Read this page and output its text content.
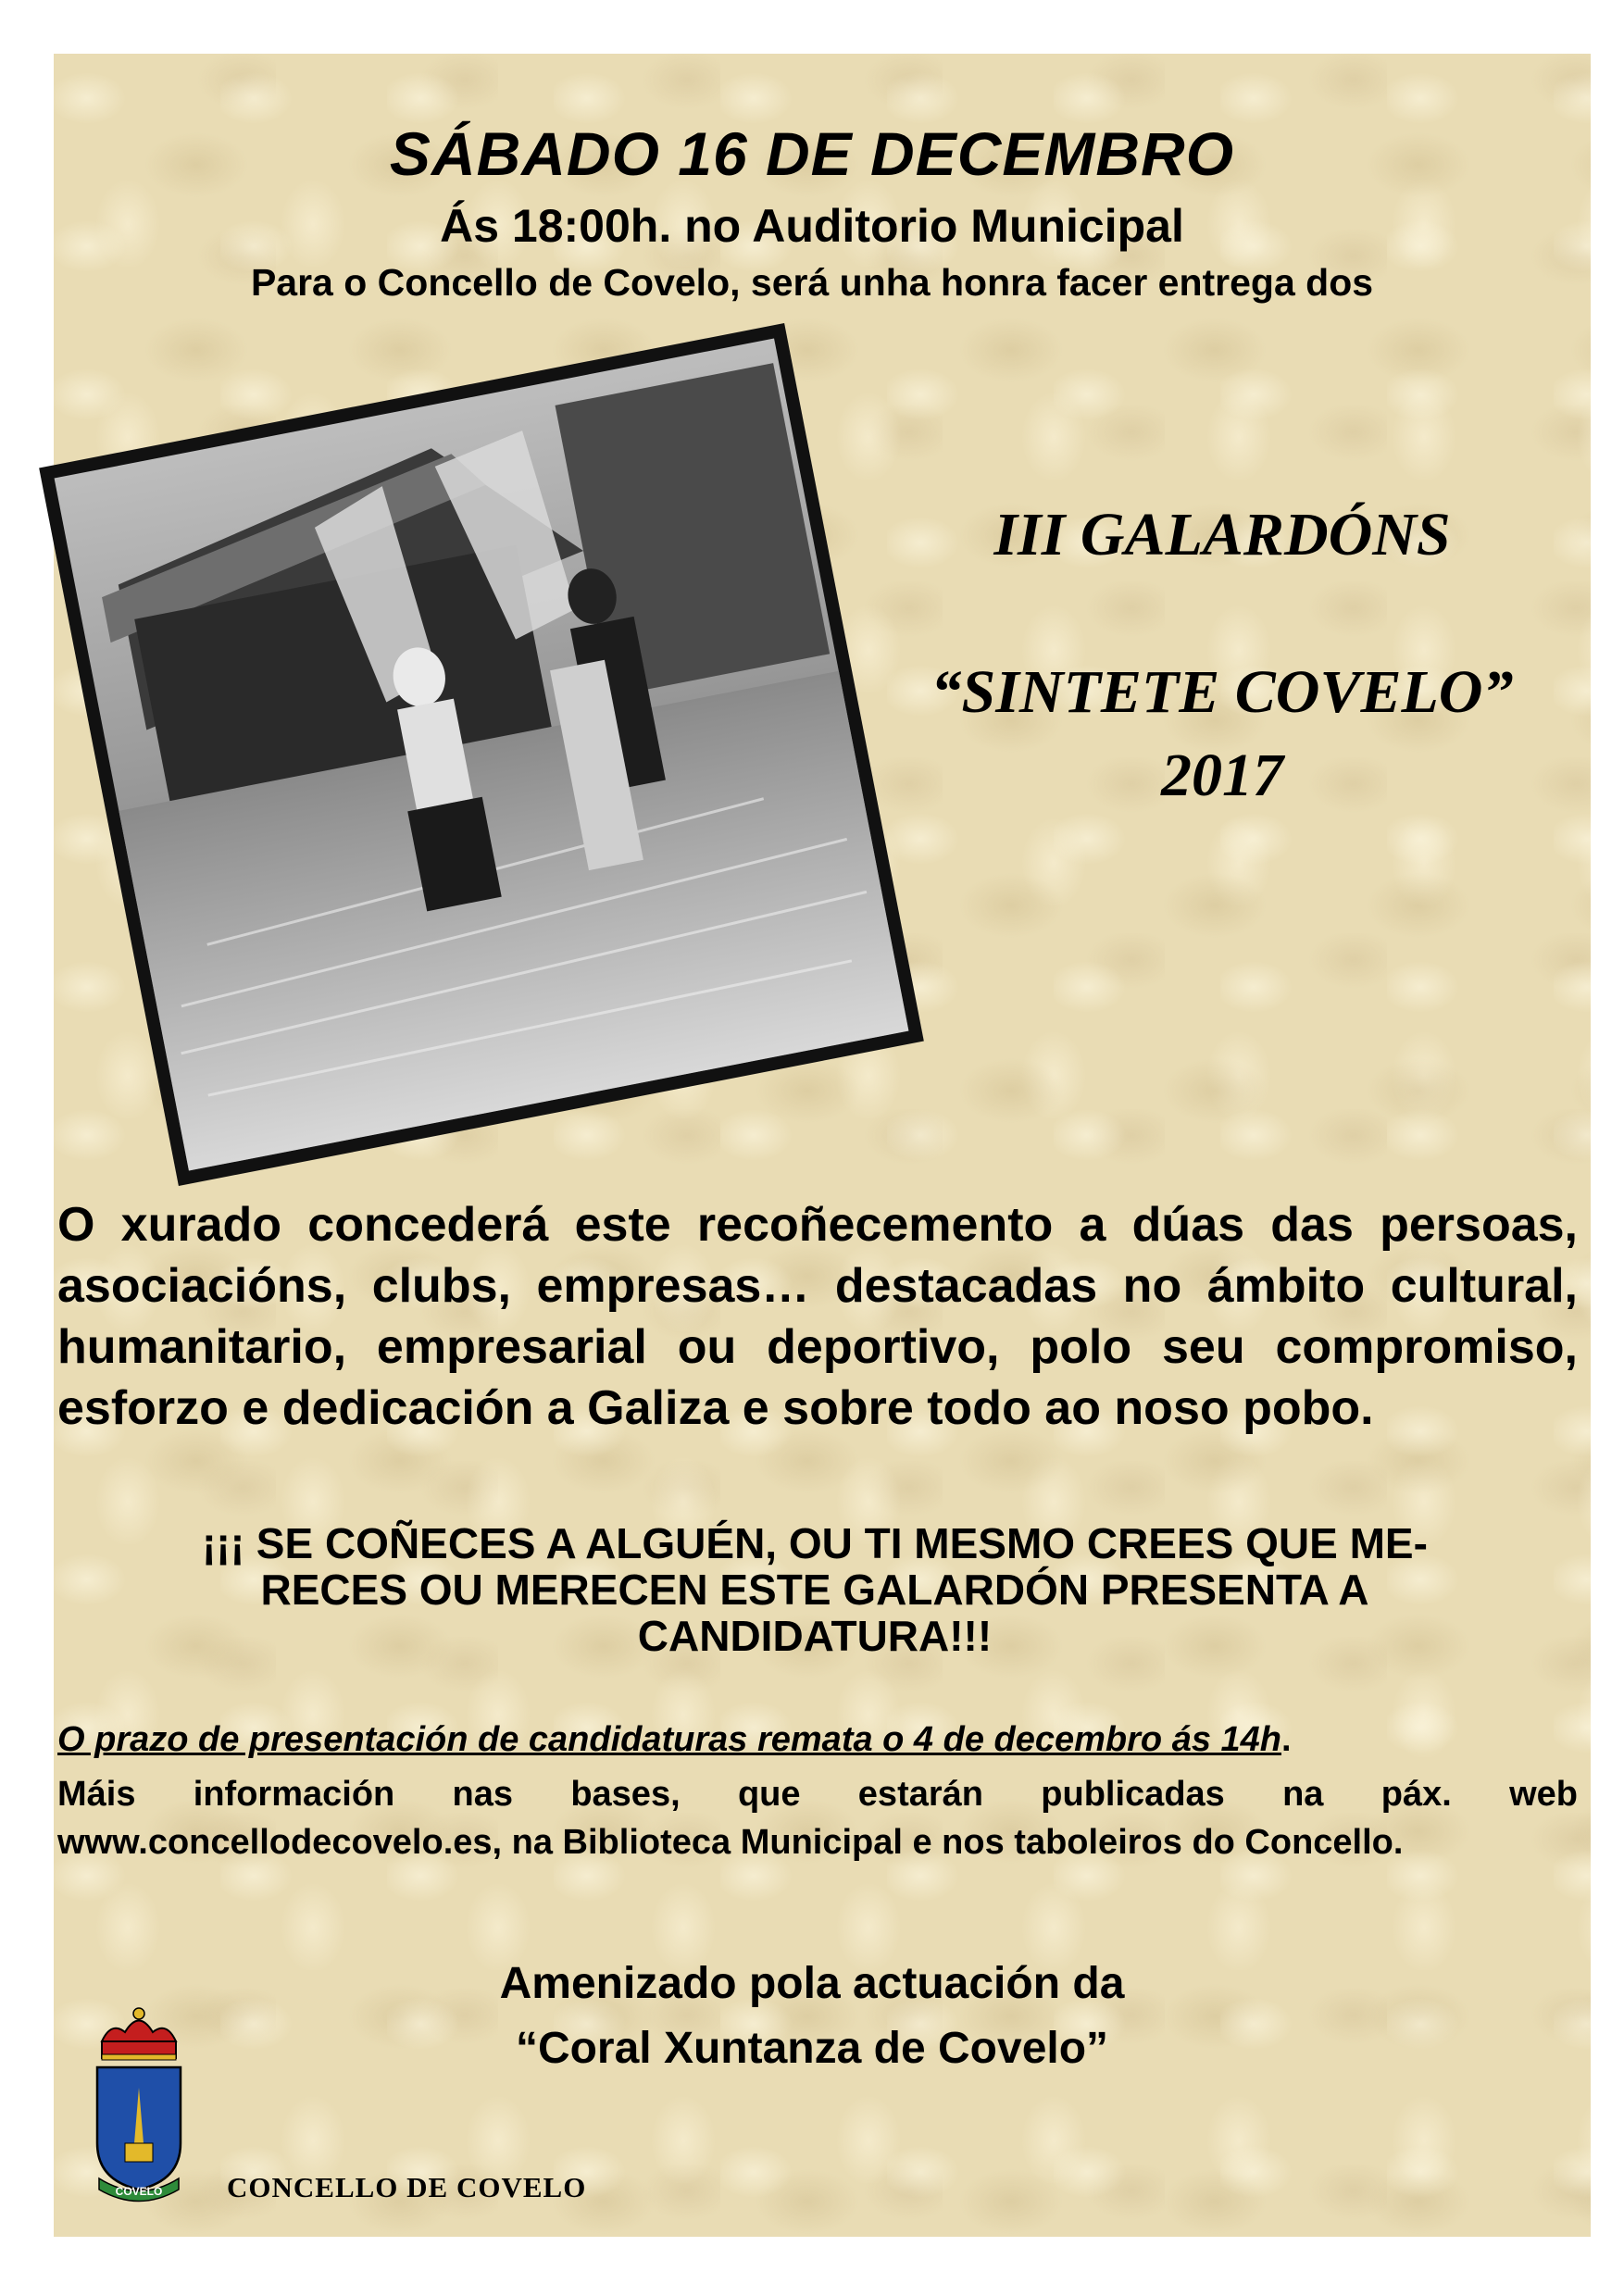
SÁBADO 16 DE DECEMBRO
Ás 18:00h. no Auditorio Municipal
Para o Concello de Covelo, será unha honra facer entrega dos
III GALARDÓNS
“SINTETE COVELO”
2017
O xurado concederá este recoñecemento a dúas das persoas, asociacións, clubs, empresas… destacadas no ámbito cultural, humanitario, empresarial ou deportivo, polo seu compromiso, esforzo e dedicación a Galiza e sobre todo ao noso pobo.
¡¡¡ SE COÑECES A ALGUÉN, OU TI MESMO CREES QUE ME-
RECES OU MERECEN ESTE GALARDÓN PRESENTA A
CANDIDATURA!!!
O prazo de presentación de candidaturas remata o 4 de decembro ás 14h.
Máis información nas bases, que estarán publicadas na páx. web www.concellodecovelo.es, na Biblioteca Municipal e nos taboleiros do Concello.
Amenizado pola actuación da
“Coral Xuntanza de Covelo”
COVELO CONCELLO DE COVELO
